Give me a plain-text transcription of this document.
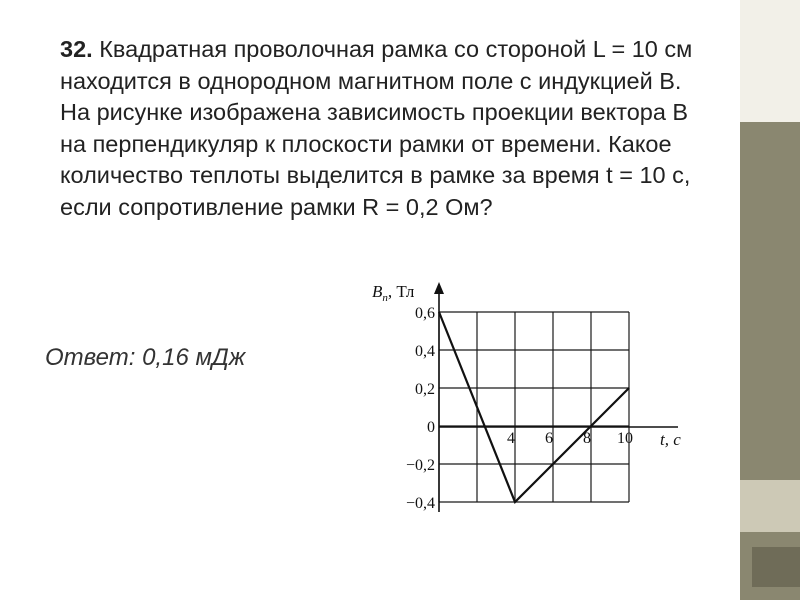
32. Квадратная проволочная рамка со стороной L = 10 см находится в однородном магнитном поле с индукцией B. На рисунке изображена зависимость проекции вектора B на перпендикуляр к плоскости рамки от времени. Какое количество теплоты выделится в рамке за время t = 10 с, если сопротивление рамки R = 0,2 Ом?
Ответ: 0,16 мДж
0,6
0,4
0,2
0
−0,2
−0,4
4 6 8 10
$B_n$, Тл
t, с
